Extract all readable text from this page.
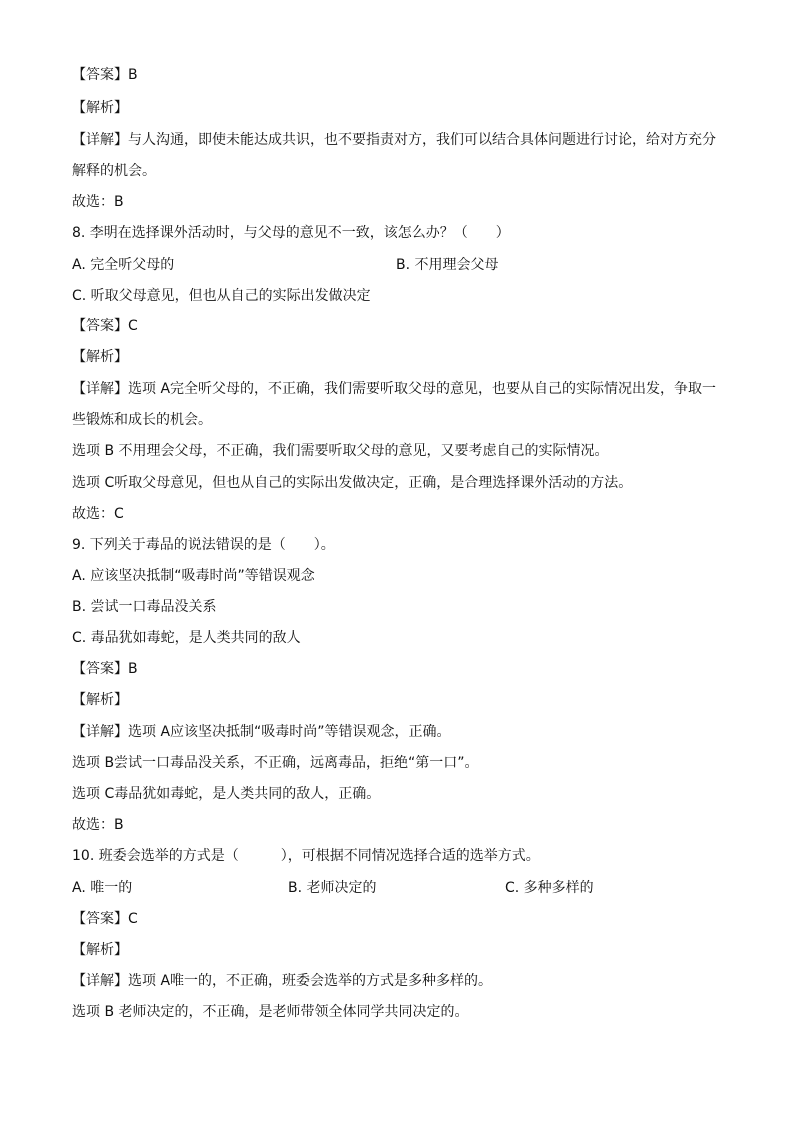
【答案】B
【解析】
【详解】与人沟通，即使未能达成共识，也不要指责对方，我们可以结合具体问题进行讨论，给对方充分
解释的机会。
故选：B
8. 李明在选择课外活动时，与父母的意见不一致，该怎么办？（　　）
A. 完全听父母的	B. 不用理会父母
C. 听取父母意见，但也从自己的实际出发做决定
【答案】C
【解析】
【详解】选项 A完全听父母的，不正确，我们需要听取父母的意见，也要从自己的实际情况出发，争取一
些锻炼和成长的机会。
选项 B 不用理会父母，不正确，我们需要听取父母的意见，又要考虑自己的实际情况。
选项 C听取父母意见，但也从自己的实际出发做决定，正确，是合理选择课外活动的方法。
故选：C
9. 下列关于毒品的说法错误的是（　　）。
A. 应该坚决抵制“吸毒时尚”等错误观念
B. 尝试一口毒品没关系
C. 毒品犹如毒蛇，是人类共同的敌人
【答案】B
【解析】
【详解】选项 A应该坚决抵制“吸毒时尚”等错误观念，正确。
选项 B尝试一口毒品没关系，不正确，远离毒品，拒绝“第一口”。
选项 C毒品犹如毒蛇，是人类共同的敌人，正确。
故选：B
10. 班委会选举的方式是（　　　），可根据不同情况选择合适的选举方式。
A. 唯一的	B. 老师决定的	C. 多种多样的
【答案】C
【解析】
【详解】选项 A唯一的，不正确，班委会选举的方式是多种多样的。
选项 B 老师决定的，不正确，是老师带领全体同学共同决定的。
